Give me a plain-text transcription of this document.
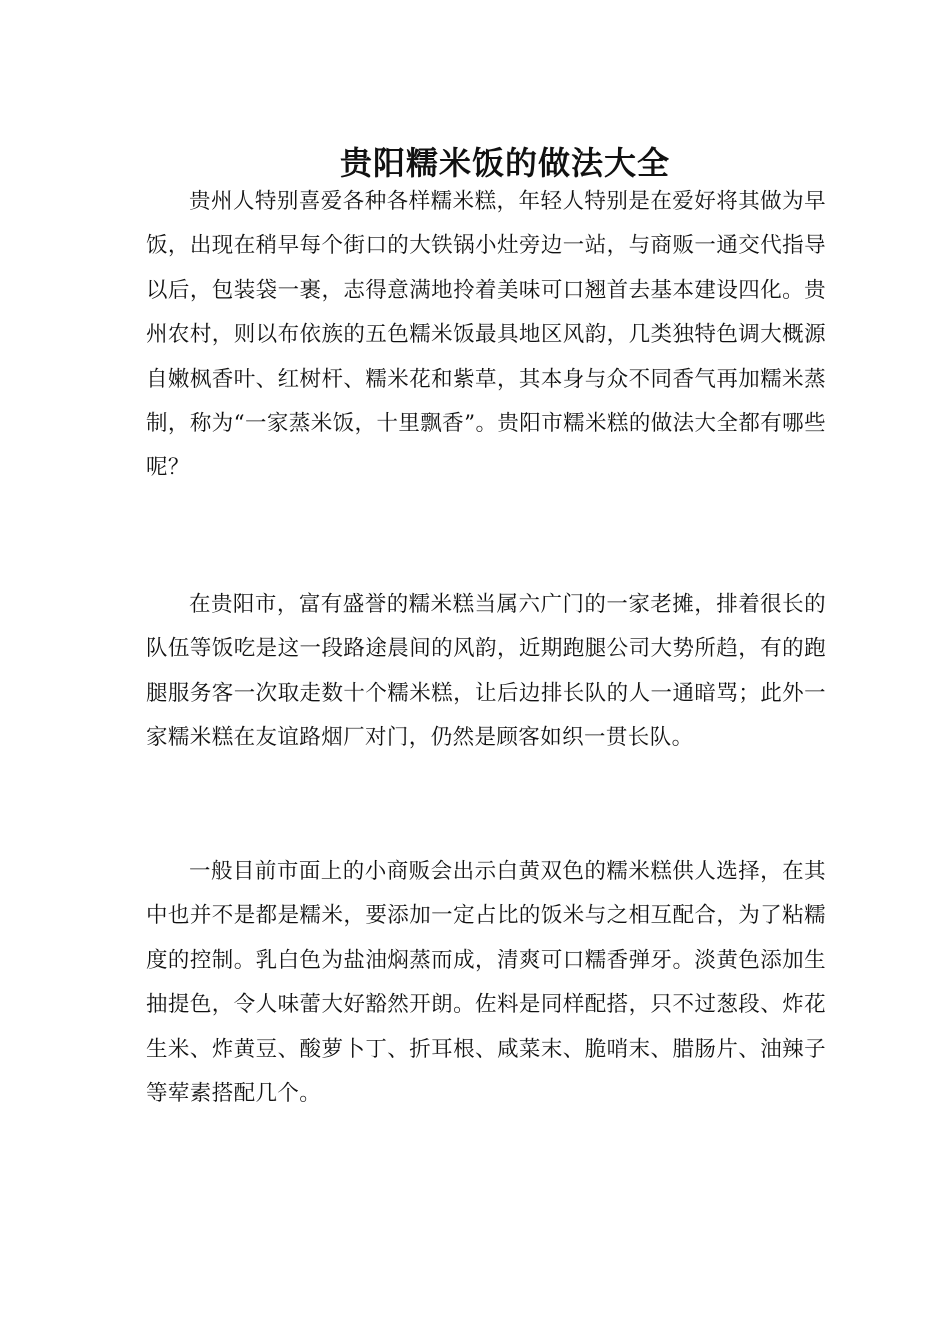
贵阳糯米饭的做法大全

贵州人特别喜爱各种各样糯米糕，年轻人特别是在爱好将其做为早饭，出现在稍早每个街口的大铁锅小灶旁边一站，与商贩一通交代指导以后，包装袋一裹，志得意满地拎着美味可口翘首去基本建设四化。贵州农村，则以布依族的五色糯米饭最具地区风韵，几类独特色调大概源自嫩枫香叶、红树杆、糯米花和紫草，其本身与众不同香气再加糯米蒸制，称为“一家蒸米饭，十里飘香”。贵阳市糯米糕的做法大全都有哪些呢？

在贵阳市，富有盛誉的糯米糕当属六广门的一家老摊，排着很长的队伍等饭吃是这一段路途晨间的风韵，近期跑腿公司大势所趋，有的跑腿服务客一次取走数十个糯米糕，让后边排长队的人一通暗骂；此外一家糯米糕在友谊路烟厂对门，仍然是顾客如织一贯长队。

一般目前市面上的小商贩会出示白黄双色的糯米糕供人选择，在其中也并不是都是糯米，要添加一定占比的饭米与之相互配合，为了粘糯度的控制。乳白色为盐油焖蒸而成，清爽可口糯香弹牙。淡黄色添加生抽提色，令人味蕾大好豁然开朗。佐料是同样配搭，只不过葱段、炸花生米、炸黄豆、酸萝卜丁、折耳根、咸菜末、脆哨末、腊肠片、油辣子等荤素搭配几个。
